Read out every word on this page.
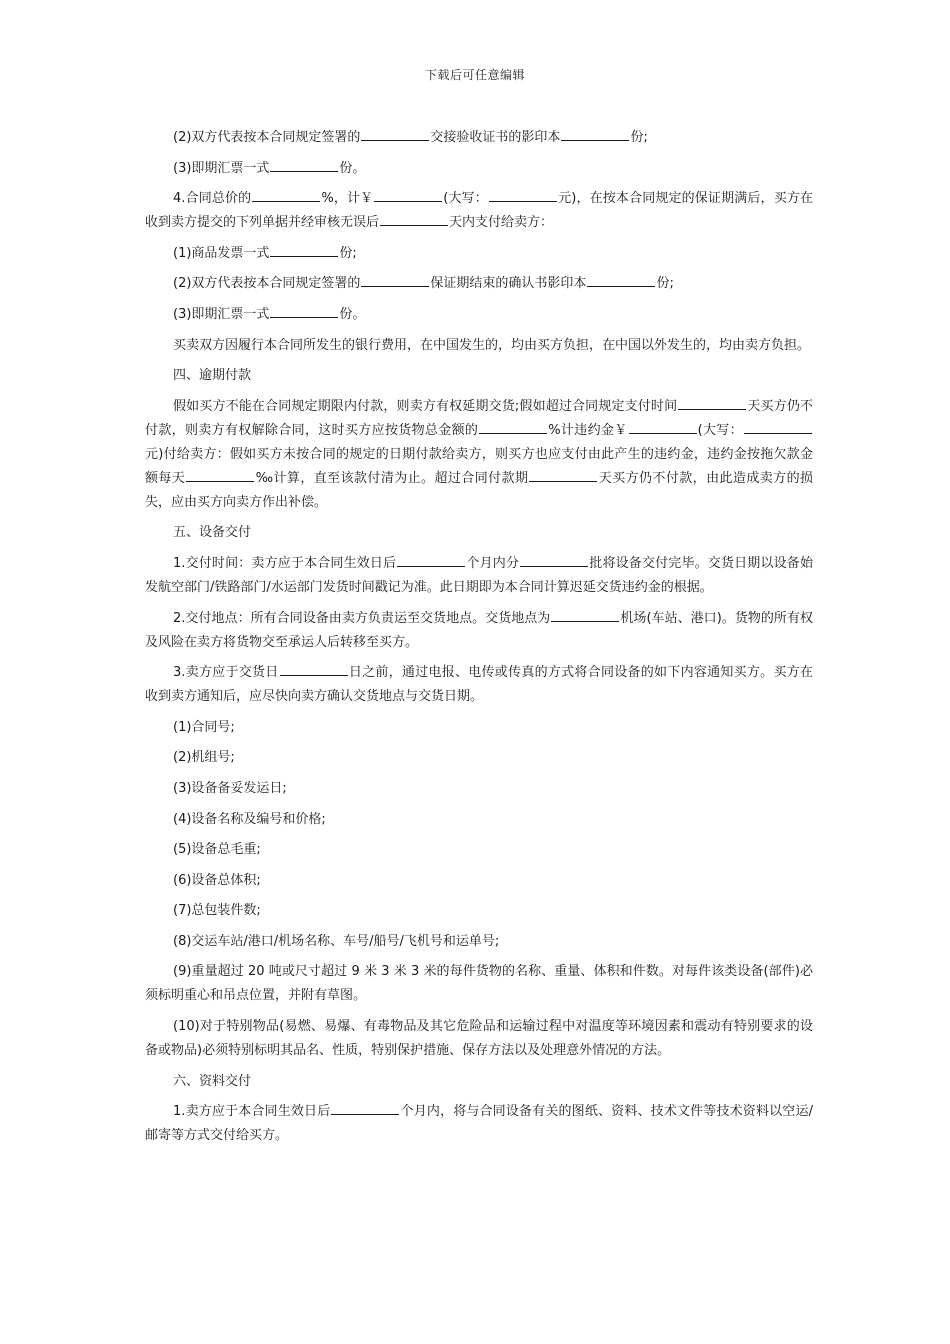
下载后可任意编辑

(2)双方代表按本合同规定签署的	交接验收证书的影印本	份;

(3)即期汇票一式	份。

4.合同总价的	%，计￥	(大写：	元)，在按本合同规定的保证期满后，买方在收到卖方提交的下列单据并经审核无误后	天内支付给卖方：

(1)商品发票一式	份;

(2)双方代表按本合同规定签署的	保证期结束的确认书影印本	份;

(3)即期汇票一式	份。

买卖双方因履行本合同所发生的银行费用，在中国发生的，均由买方负担，在中国以外发生的，均由卖方负担。

四、逾期付款

假如买方不能在合同规定期限内付款，则卖方有权延期交货;假如超过合同规定支付时间	天买方仍不付款，则卖方有权解除合同，这时买方应按货物总金额的	%计违约金￥	(大写：元)付给卖方：假如买方未按合同的规定的日期付款给卖方，则买方也应支付由此产生的违约金，违约金按拖欠款金额每天	‰计算，直至该款付清为止。超过合同付款期	天买方仍不付款，由此造成卖方的损失，应由买方向卖方作出补偿。

五、设备交付

1.交付时间：卖方应于本合同生效日后	个月内分	批将设备交付完毕。交货日期以设备始发航空部门/铁路部门/水运部门发货时间戳记为准。此日期即为本合同计算迟延交货违约金的根据。

2.交付地点：所有合同设备由卖方负责运至交货地点。交货地点为	机场(车站、港口)。货物的所有权及风险在卖方将货物交至承运人后转移至买方。

3.卖方应于交货日	日之前，通过电报、电传或传真的方式将合同设备的如下内容通知买方。买方在收到卖方通知后，应尽快向卖方确认交货地点与交货日期。

(1)合同号;

(2)机组号;

(3)设备备妥发运日;

(4)设备名称及编号和价格;

(5)设备总毛重;

(6)设备总体积;

(7)总包装件数;

(8)交运车站/港口/机场名称、车号/船号/飞机号和运单号;

(9)重量超过 20 吨或尺寸超过 9 米 3 米 3 米的每件货物的名称、重量、体积和件数。对每件该类设备(部件)必须标明重心和吊点位置，并附有草图。

(10)对于特别物品(易燃、易爆、有毒物品及其它危险品和运输过程中对温度等环境因素和震动有特别要求的设备或物品)必须特别标明其品名、性质，特别保护措施、保存方法以及处理意外情况的方法。

六、资料交付

1.卖方应于本合同生效日后	个月内，将与合同设备有关的图纸、资料、技术文件等技术资料以空运/邮寄等方式交付给买方。
